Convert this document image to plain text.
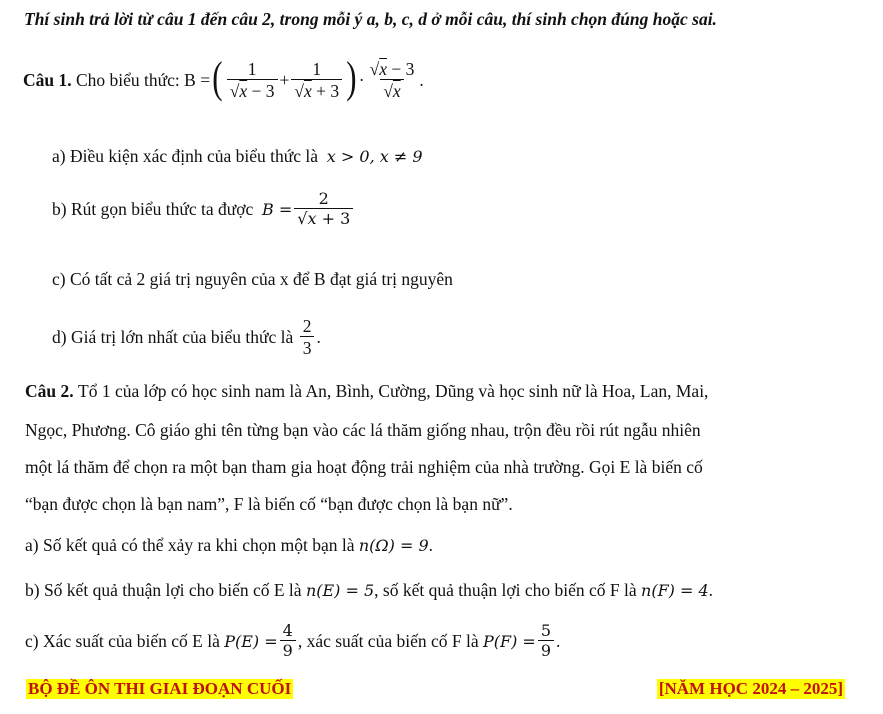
Thí sinh trả lời từ câu 1 đến câu 2, trong mỗi ý a, b, c, d ở mỗi câu, thí sinh chọn đúng hoặc sai.
Câu 1.
Cho biểu thức:
B = ( $\frac{1}{√x - 3} + \frac{1}{√x + 3}$ ) · $\frac{√x - 3}{√x}$ .
a) Điều kiện xác định của biểu thức là x > 0, x ≠ 9
b) Rút gọn biểu thức ta được
$B = \frac{2}{√x + 3}$
c) Có tất cả 2 giá trị nguyên của x để B đạt giá trị nguyên
d) Giá trị lớn nhất của biểu thức là
$\frac{2}{3}$ .
Câu 2. Tổ 1 của lớp có học sinh nam là An, Bình, Cường, Dũng và học sinh nữ là Hoa, Lan, Mai,
Ngọc, Phương. Cô giáo ghi tên từng bạn vào các lá thăm giống nhau, trộn đều rồi rút ngẫu nhiên
một lá thăm để chọn ra một bạn tham gia hoạt động trải nghiệm của nhà trường. Gọi E là biến cố
“bạn được chọn là bạn nam”, F là biến cố “bạn được chọn là bạn nữ”.
a) Số kết quả có thể xảy ra khi chọn một bạn là n(Ω) = 9.
b) Số kết quả thuận lợi cho biến cố E là n(E) = 5, số kết quả thuận lợi cho biến cố F là n(F) = 4.
c) Xác suất của biến cố E là
$P(E) = \frac{4}{9}$ , xác suất của biến cố F là
$P(F) = \frac{5}{9}$ .
BỘ ĐỀ ÔN THI GIAI ĐOẠN CUỐI	[NĂM HỌC 2024 – 2025]
